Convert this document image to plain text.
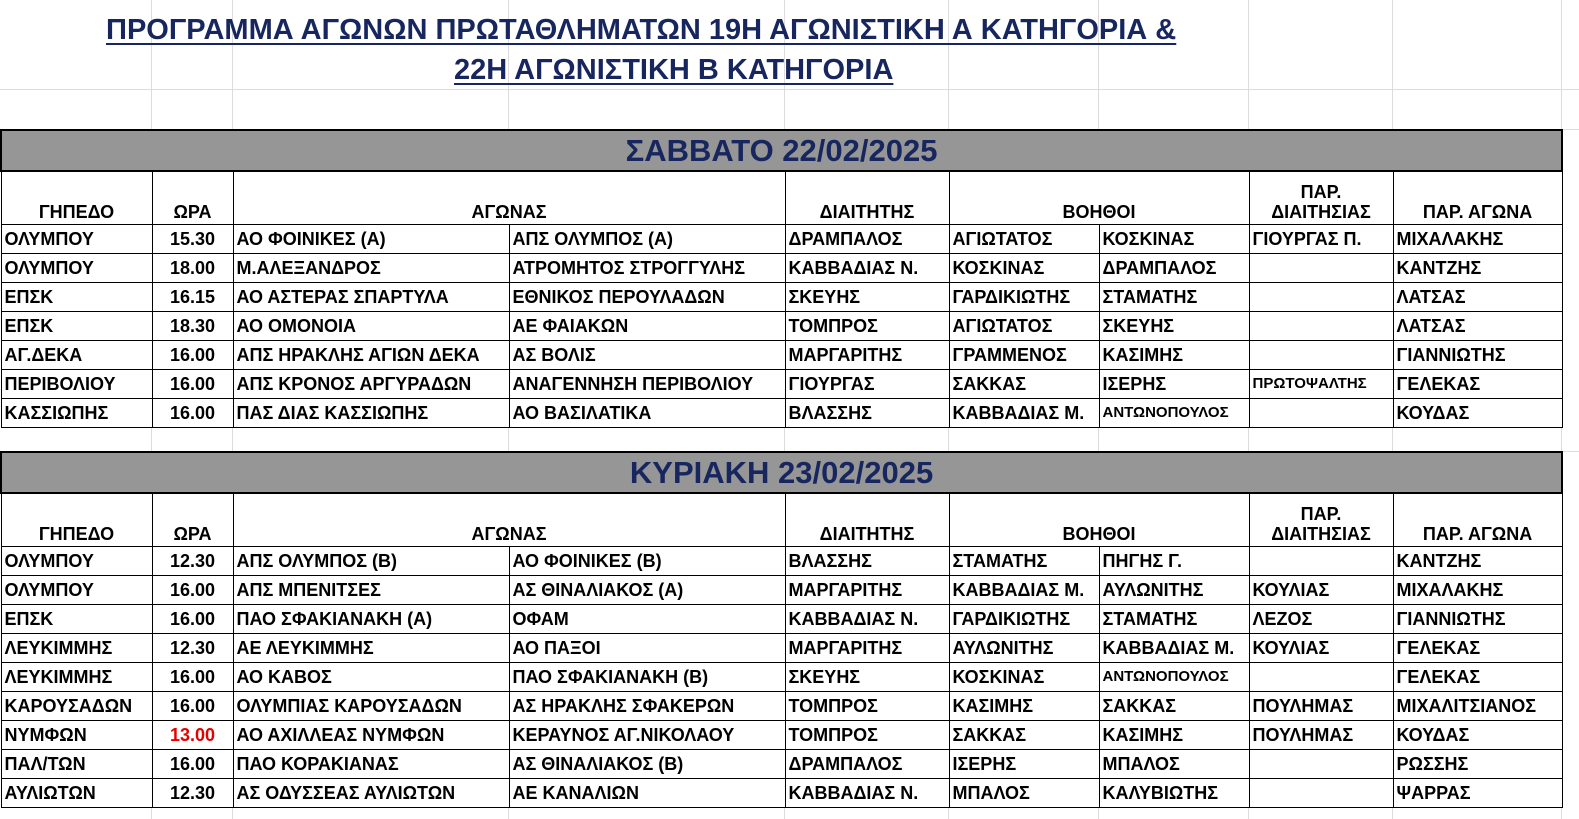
ΠΡΟΓΡΑΜΜΑ ΑΓΩΝΩΝ ΠΡΩΤΑΘΛΗΜΑΤΩΝ 19Η ΑΓΩΝΙΣΤΙΚΗ Α ΚΑΤΗΓΟΡΙΑ &
22Η ΑΓΩΝΙΣΤΙΚΗ Β ΚΑΤΗΓΟΡΙΑ
ΣΑΒΒΑΤΟ 22/02/2025								
ΓΗΠΕΔΟ	ΩΡΑ	ΑΓΩΝΑΣ		ΔΙΑΙΤΗΤΗΣ	ΒΟΗΘΟΙ		ΠΑΡ.
ΔΙΑΙΤΗΣΙΑΣ	ΠΑΡ. ΑΓΩΝΑ
ΟΛΥΜΠΟΥ	15.30	ΑΟ ΦΟΙΝΙΚΕΣ (Α)	ΑΠΣ ΟΛΥΜΠΟΣ (Α)	ΔΡΑΜΠΑΛΟΣ	ΑΓΙΩΤΑΤΟΣ	ΚΟΣΚΙΝΑΣ	ΓΙΟΥΡΓΑΣ Π.	ΜΙΧΑΛΑΚΗΣ
ΟΛΥΜΠΟΥ	18.00	Μ.ΑΛΕΞΑΝΔΡΟΣ	ΑΤΡΟΜΗΤΟΣ ΣΤΡΟΓΓΥΛΗΣ	ΚΑΒΒΑΔΙΑΣ Ν.	ΚΟΣΚΙΝΑΣ	ΔΡΑΜΠΑΛΟΣ		ΚΑΝΤΖΗΣ
ΕΠΣΚ	16.15	ΑΟ ΑΣΤΕΡΑΣ ΣΠΑΡΤΥΛΑ	ΕΘΝΙΚΟΣ ΠΕΡΟΥΛΑΔΩΝ	ΣΚΕΥΗΣ	ΓΑΡΔΙΚΙΩΤΗΣ	ΣΤΑΜΑΤΗΣ		ΛΑΤΣΑΣ
ΕΠΣΚ	18.30	ΑΟ ΟΜΟΝΟΙΑ	ΑΕ ΦΑΙΑΚΩΝ	ΤΟΜΠΡΟΣ	ΑΓΙΩΤΑΤΟΣ	ΣΚΕΥΗΣ		ΛΑΤΣΑΣ
ΑΓ.ΔΕΚΑ	16.00	ΑΠΣ ΗΡΑΚΛΗΣ ΑΓΙΩΝ ΔΕΚΑ	ΑΣ ΒΟΛΙΣ	ΜΑΡΓΑΡΙΤΗΣ	ΓΡΑΜΜΕΝΟΣ	ΚΑΣΙΜΗΣ		ΓΙΑΝΝΙΩΤΗΣ
ΠΕΡΙΒΟΛΙΟΥ	16.00	ΑΠΣ ΚΡΟΝΟΣ ΑΡΓΥΡΑΔΩΝ	ΑΝΑΓΕΝΝΗΣΗ ΠΕΡΙΒΟΛΙΟΥ	ΓΙΟΥΡΓΑΣ	ΣΑΚΚΑΣ	ΙΣΕΡΗΣ	ΠΡΩΤΟΨΑΛΤΗΣ	ΓΕΛΕΚΑΣ
ΚΑΣΣΙΩΠΗΣ	16.00	ΠΑΣ ΔΙΑΣ ΚΑΣΣΙΩΠΗΣ	ΑΟ ΒΑΣΙΛΑΤΙΚΑ	ΒΛΑΣΣΗΣ	ΚΑΒΒΑΔΙΑΣ Μ.	ΑΝΤΩΝΟΠΟΥΛΟΣ		ΚΟΥΔΑΣ
ΚΥΡΙΑΚΗ 23/02/2025								
ΓΗΠΕΔΟ	ΩΡΑ	ΑΓΩΝΑΣ		ΔΙΑΙΤΗΤΗΣ	ΒΟΗΘΟΙ		ΠΑΡ.
ΔΙΑΙΤΗΣΙΑΣ	ΠΑΡ. ΑΓΩΝΑ
ΟΛΥΜΠΟΥ	12.30	ΑΠΣ ΟΛΥΜΠΟΣ (Β)	ΑΟ ΦΟΙΝΙΚΕΣ (Β)	ΒΛΑΣΣΗΣ	ΣΤΑΜΑΤΗΣ	ΠΗΓΗΣ Γ.		ΚΑΝΤΖΗΣ
ΟΛΥΜΠΟΥ	16.00	ΑΠΣ ΜΠΕΝΙΤΣΕΣ	ΑΣ ΘΙΝΑΛΙΑΚΟΣ (Α)	ΜΑΡΓΑΡΙΤΗΣ	ΚΑΒΒΑΔΙΑΣ Μ.	ΑΥΛΩΝΙΤΗΣ	ΚΟΥΛΙΑΣ	ΜΙΧΑΛΑΚΗΣ
ΕΠΣΚ	16.00	ΠΑΟ ΣΦΑΚΙΑΝΑΚΗ (Α)	ΟΦΑΜ	ΚΑΒΒΑΔΙΑΣ Ν.	ΓΑΡΔΙΚΙΩΤΗΣ	ΣΤΑΜΑΤΗΣ	ΛΕΖΟΣ	ΓΙΑΝΝΙΩΤΗΣ
ΛΕΥΚΙΜΜΗΣ	12.30	ΑΕ ΛΕΥΚΙΜΜΗΣ	ΑΟ ΠΑΞΟΙ	ΜΑΡΓΑΡΙΤΗΣ	ΑΥΛΩΝΙΤΗΣ	ΚΑΒΒΑΔΙΑΣ Μ.	ΚΟΥΛΙΑΣ	ΓΕΛΕΚΑΣ
ΛΕΥΚΙΜΜΗΣ	16.00	ΑΟ ΚΑΒΟΣ	ΠΑΟ ΣΦΑΚΙΑΝΑΚΗ (Β)	ΣΚΕΥΗΣ	ΚΟΣΚΙΝΑΣ	ΑΝΤΩΝΟΠΟΥΛΟΣ		ΓΕΛΕΚΑΣ
ΚΑΡΟΥΣΑΔΩΝ	16.00	ΟΛΥΜΠΙΑΣ ΚΑΡΟΥΣΑΔΩΝ	ΑΣ ΗΡΑΚΛΗΣ ΣΦΑΚΕΡΩΝ	ΤΟΜΠΡΟΣ	ΚΑΣΙΜΗΣ	ΣΑΚΚΑΣ	ΠΟΥΛΗΜΑΣ	ΜΙΧΑΛΙΤΣΙΑΝΟΣ
ΝΥΜΦΩΝ	13.00	ΑΟ ΑΧΙΛΛΕΑΣ ΝΥΜΦΩΝ	ΚΕΡΑΥΝΟΣ ΑΓ.ΝΙΚΟΛΑΟΥ	ΤΟΜΠΡΟΣ	ΣΑΚΚΑΣ	ΚΑΣΙΜΗΣ	ΠΟΥΛΗΜΑΣ	ΚΟΥΔΑΣ
ΠΑΛ/ΤΩΝ	16.00	ΠΑΟ ΚΟΡΑΚΙΑΝΑΣ	ΑΣ ΘΙΝΑΛΙΑΚΟΣ (Β)	ΔΡΑΜΠΑΛΟΣ	ΙΣΕΡΗΣ	ΜΠΑΛΟΣ		ΡΩΣΣΗΣ
ΑΥΛΙΩΤΩΝ	12.30	ΑΣ ΟΔΥΣΣΕΑΣ ΑΥΛΙΩΤΩΝ	ΑΕ ΚΑΝΑΛΙΩΝ	ΚΑΒΒΑΔΙΑΣ Ν.	ΜΠΑΛΟΣ	ΚΑΛΥΒΙΩΤΗΣ		ΨΑΡΡΑΣ
